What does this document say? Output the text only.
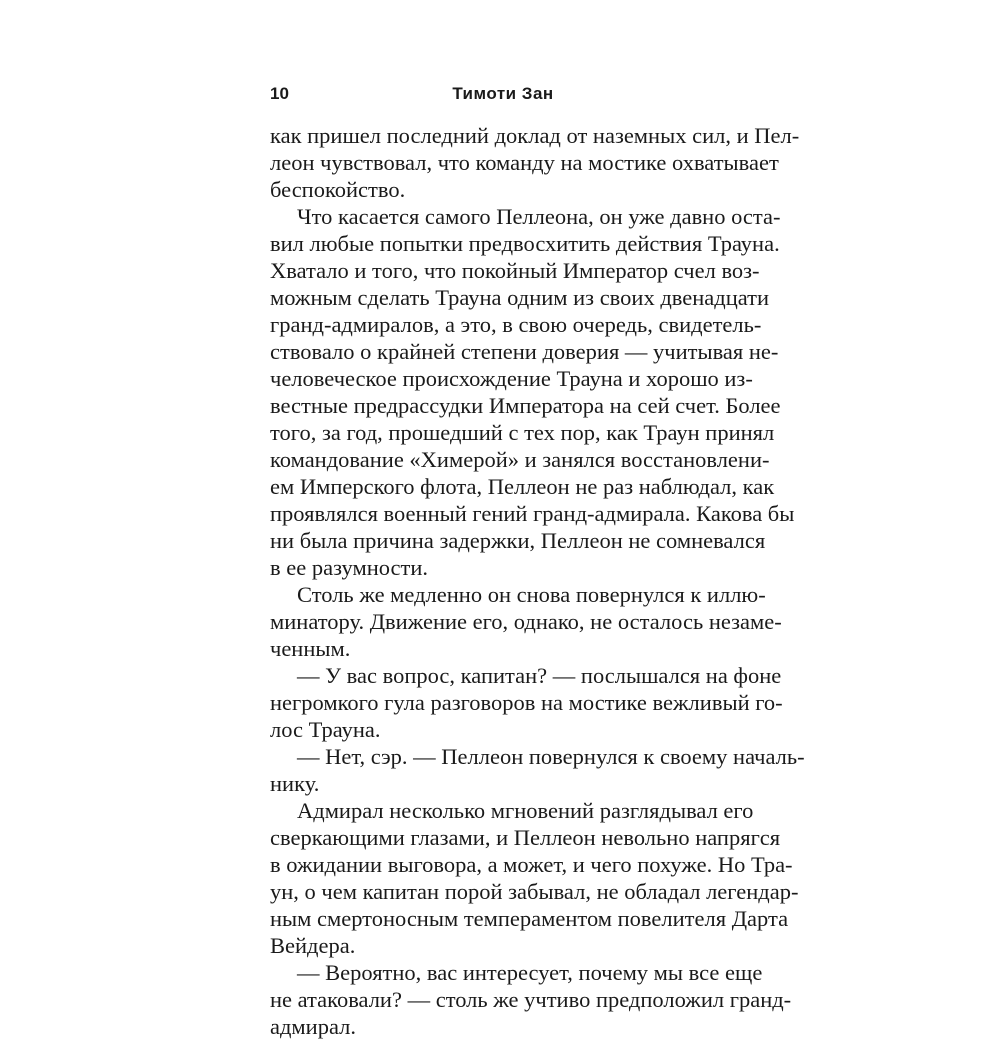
10	Тимоти Зан
как пришел последний доклад от наземных сил, и Пел-
леон чувствовал, что команду на мостике охватывает
беспокойство.
Что касается самого Пеллеона, он уже давно оста-
вил любые попытки предвосхитить действия Трауна.
Хватало и того, что покойный Император счел воз-
можным сделать Трауна одним из своих двенадцати
гранд-адмиралов, а это, в свою очередь, свидетель-
ствовало о крайней степени доверия — учитывая не-
человеческое происхождение Трауна и хорошо из-
вестные предрассудки Императора на сей счет. Более
того, за год, прошедший с тех пор, как Траун принял
командование «Химерой» и занялся восстановлени-
ем Имперского флота, Пеллеон не раз наблюдал, как
проявлялся военный гений гранд-адмирала. Какова бы
ни была причина задержки, Пеллеон не сомневался
в ее разумности.
Столь же медленно он снова повернулся к иллю-
минатору. Движение его, однако, не осталось незаме-
ченным.
— У вас вопрос, капитан? — послышался на фоне
негромкого гула разговоров на мостике вежливый го-
лос Трауна.
— Нет, сэр. — Пеллеон повернулся к своему началь-
нику.
Адмирал несколько мгновений разглядывал его
сверкающими глазами, и Пеллеон невольно напрягся
в ожидании выговора, а может, и чего похуже. Но Тра-
ун, о чем капитан порой забывал, не обладал легендар-
ным смертоносным темпераментом повелителя Дарта
Вейдера.
— Вероятно, вас интересует, почему мы все еще
не атаковали? — столь же учтиво предположил гранд-
адмирал.
